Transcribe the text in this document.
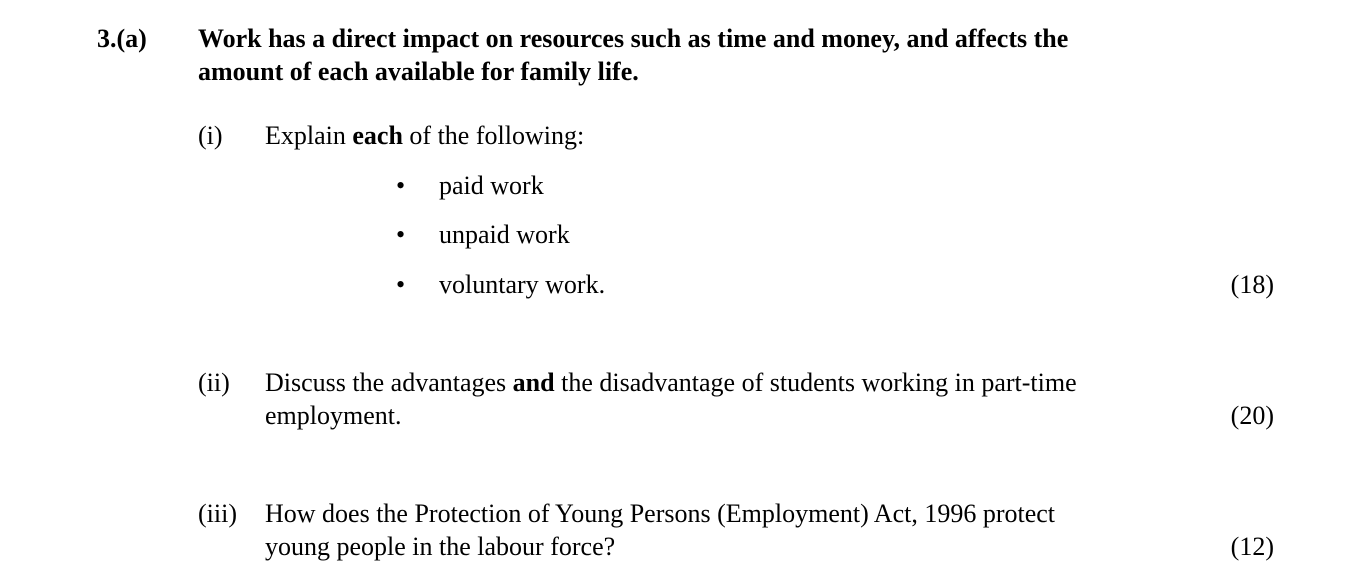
3.(a) Work has a direct impact on resources such as time and money, and affects the
amount of each available for family life.
(i) Explain each of the following:
• paid work
• unpaid work
• voluntary work.	(18)
(ii) Discuss the advantages and the disadvantage of students working in part-time
employment.	(20)
(iii) How does the Protection of Young Persons (Employment) Act, 1996 protect
young people in the labour force?	(12)
